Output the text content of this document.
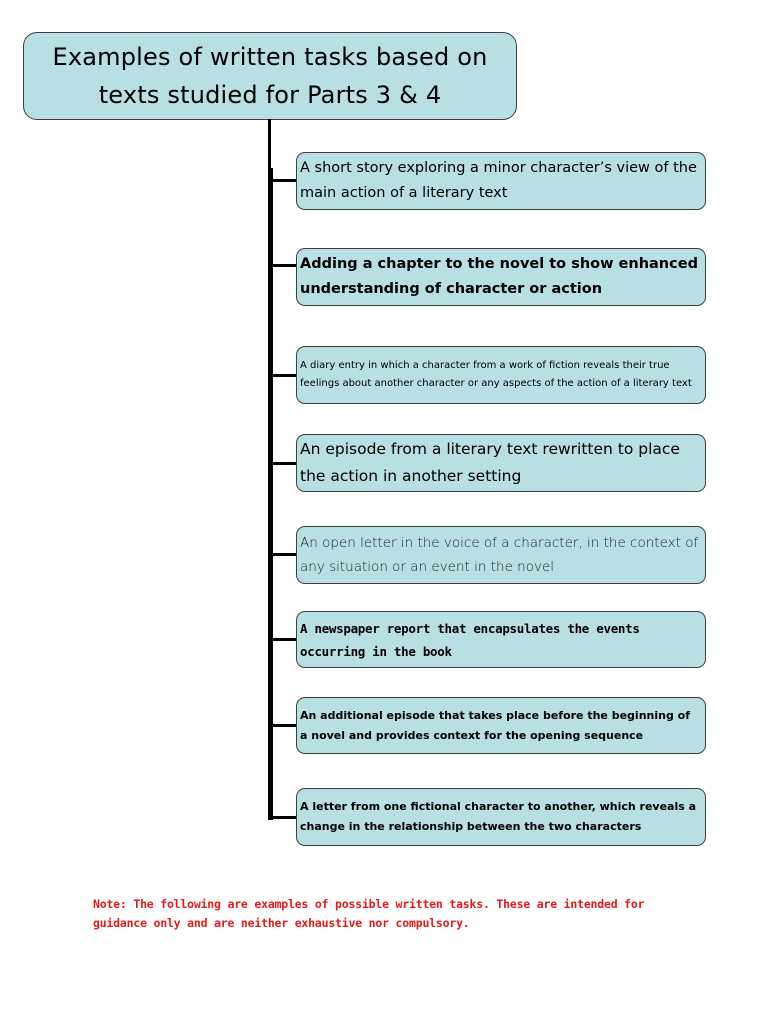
Examples of written tasks based on texts studied for Parts 3 & 4
A short story exploring a minor character’s view of the main action of a literary text
Adding a chapter to the novel to show enhanced understanding of character or action
A diary entry in which a character from a work of fiction reveals their true feelings about another character or any aspects of the action of a literary text
An episode from a literary text rewritten to place the action in another setting
An open letter in the voice of a character, in the context of any situation or an event in the novel
A newspaper report that encapsulates the events occurring in the book
An additional episode that takes place before the beginning of a novel and provides context for the opening sequence
A letter from one fictional character to another, which reveals a change in the relationship between the two characters
Note: The following are examples of possible written tasks. These are intended for guidance only and are neither exhaustive nor compulsory.
